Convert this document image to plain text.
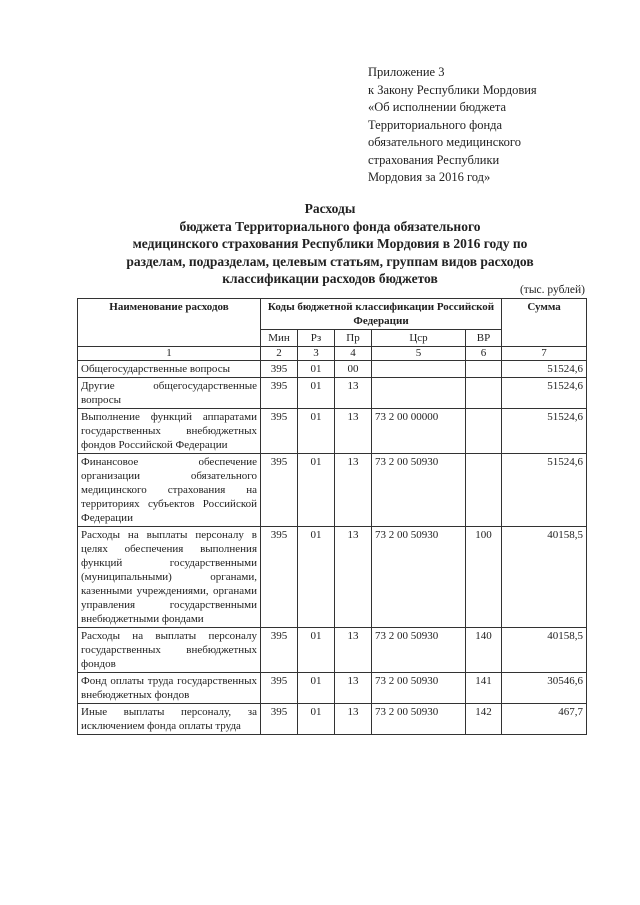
Приложение 3
к Закону Республики Мордовия
«Об исполнении бюджета
Территориального фонда
обязательного медицинского
страхования Республики
Мордовия за 2016 год»
Расходы
бюджета Территориального фонда обязательного
медицинского страхования Республики Мордовия в 2016 году по
разделам, подразделам, целевым статьям, группам видов расходов
классификации расходов бюджетов
(тыс. рублей)
Наименование расходов	Коды бюджетной классификации Российской Федерации					Сумма
	Мин	Рз	Пр	Цср	ВР	
1	2	3	4	5	6	7
Общегосударственные вопросы	395	01	00			51524,6
Другие общегосударственные вопросы	395	01	13			51524,6
Выполнение функций аппаратами государственных внебюджетных фондов Российской Федерации	395	01	13	73 2 00 00000		51524,6
Финансовое обеспечение организации обязательного медицинского страхования на территориях субъектов Российской Федерации	395	01	13	73 2 00 50930		51524,6
Расходы на выплаты персоналу в целях обеспечения выполнения функций государственными (муниципальными) органами, казенными учреждениями, органами управления государственными внебюджетными фондами	395	01	13	73 2 00 50930	100	40158,5
Расходы на выплаты персоналу государственных внебюджетных фондов	395	01	13	73 2 00 50930	140	40158,5
Фонд оплаты труда государственных внебюджетных фондов	395	01	13	73 2 00 50930	141	30546,6
Иные выплаты персоналу, за исключением фонда оплаты труда	395	01	13	73 2 00 50930	142	467,7
